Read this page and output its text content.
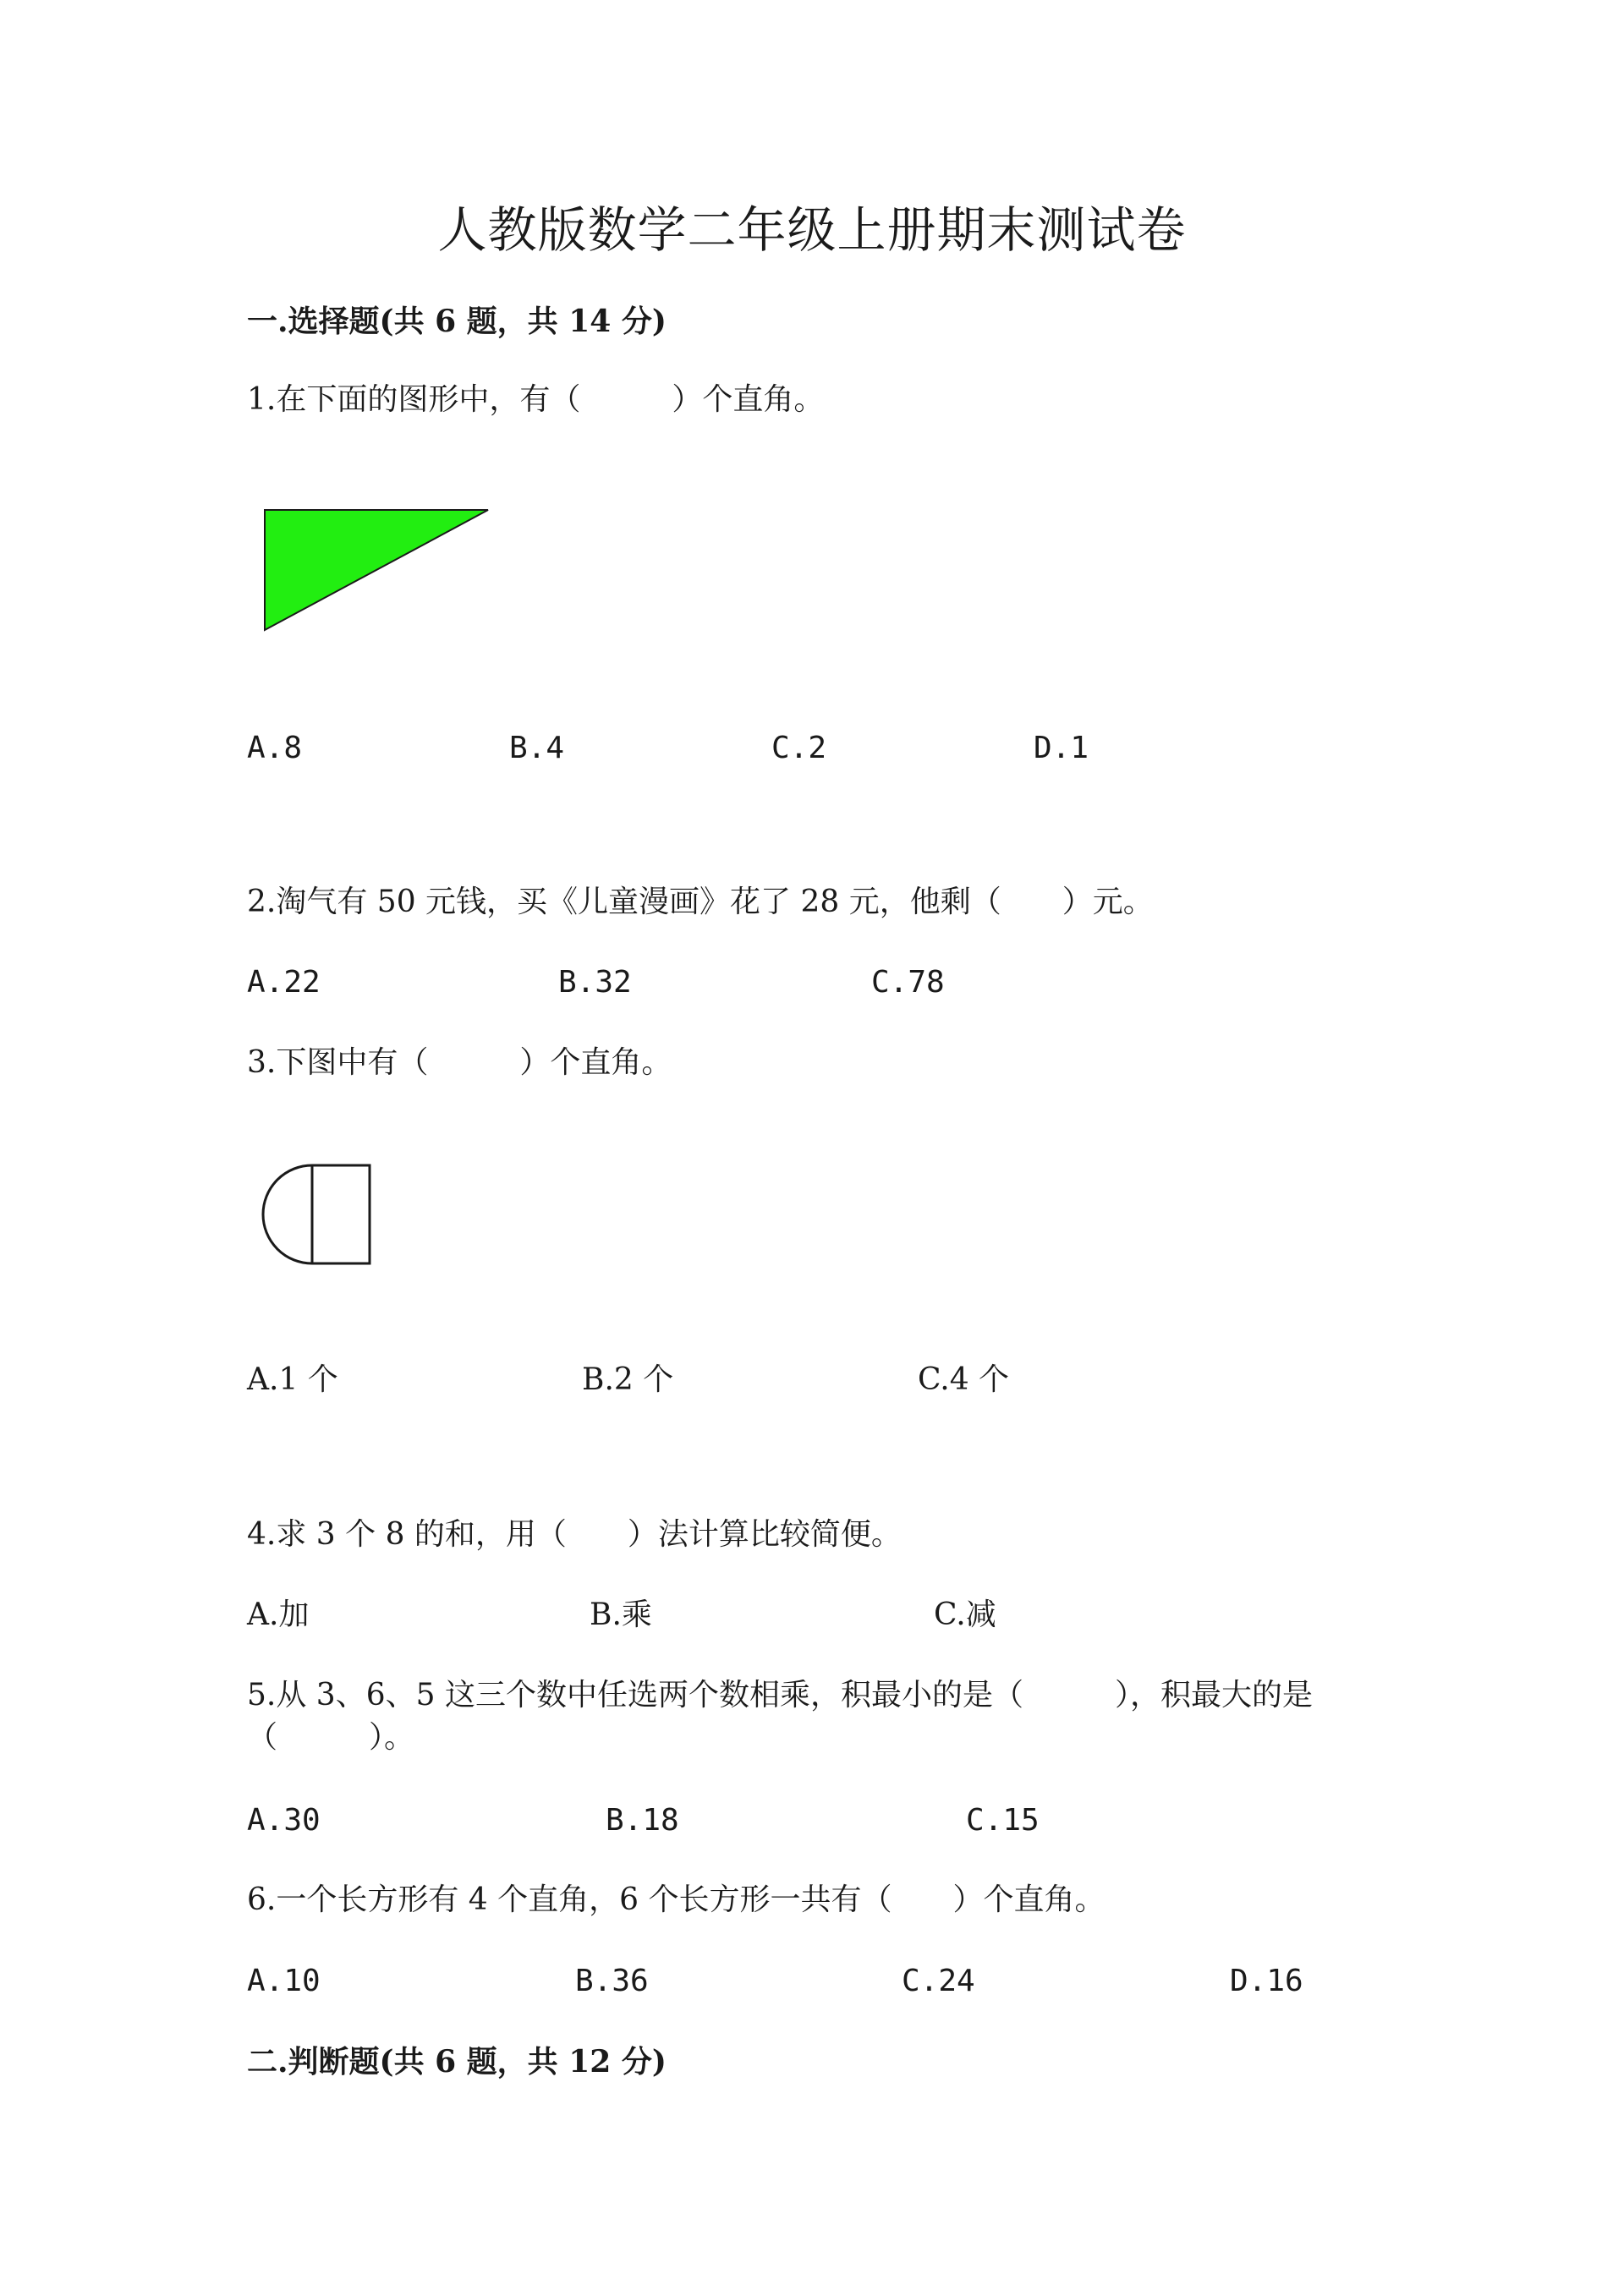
人教版数学二年级上册期末测试卷
一.选择题(共 6 题，共 14 分)
1.在下面的图形中，有（　　　）个直角。
A.8	B.4	C.2	D.1
2.淘气有 50 元钱，买《儿童漫画》花了 28 元，他剩（　　）元。
A.22	B.32	C.78
3.下图中有（　　　）个直角。
A.1 个	B.2 个	C.4 个
4.求 3 个 8 的和，用（　　）法计算比较简便。
A.加	B.乘	C.减
5.从 3、6、5 这三个数中任选两个数相乘，积最小的是（　　　），积最大的是
（　　　）。
A.30	B.18	C.15
6.一个长方形有 4 个直角，6 个长方形一共有（　　）个直角。
A.10	B.36	C.24	D.16
二.判断题(共 6 题，共 12 分)
